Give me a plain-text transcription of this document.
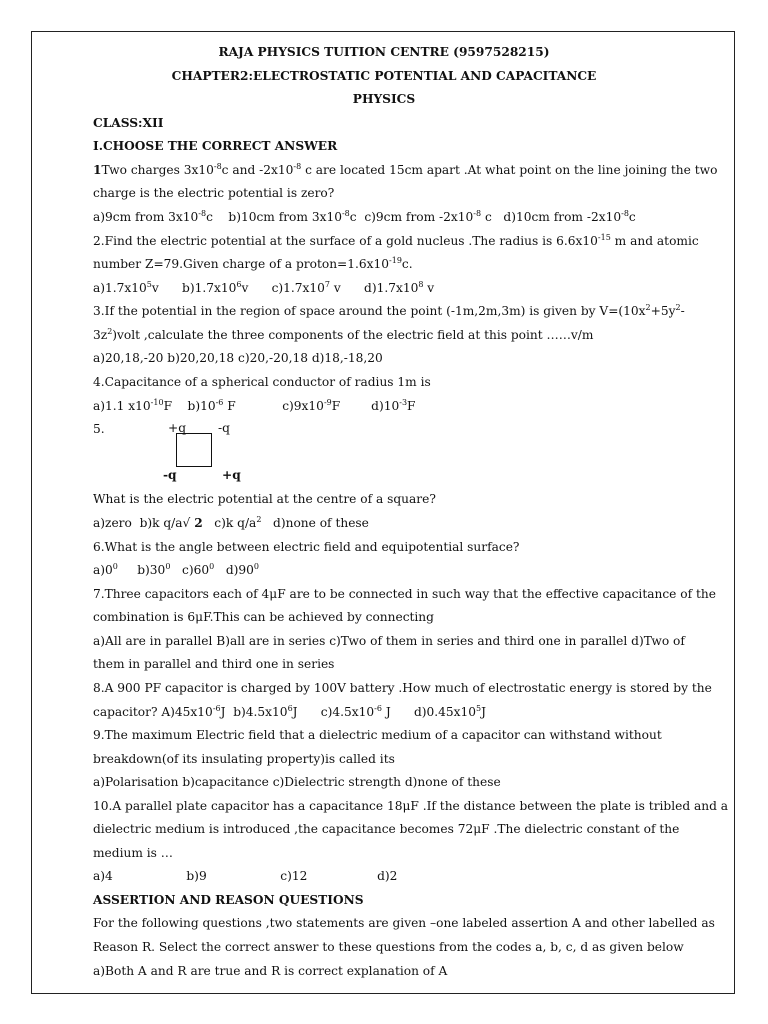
RAJA PHYSICS TUITION CENTRE (9597528215)
CHAPTER2:ELECTROSTATIC POTENTIAL AND CAPACITANCE
PHYSICS
CLASS:XII
I.CHOOSE THE CORRECT ANSWER
1Two charges $3x10^{-8}c$ and $-2x10^{-8}$ c are located 15cm apart .At what point on the line joining the two
charge is the electric potential is zero?
a)9cm from $3x10^{-8}c$    b)10cm from $3x10^{-8}c$  c)9cm from $-2x10^{-8}$ c   d)10cm from $-2x10^{-8}c$
2.Find the electric potential at the surface of a gold nucleus .The radius is $6.6x10^{-15}$ m and atomic
number Z=79.Given charge of a $proton=1.6x10^{-19}c$.
$a)1.7x10^5v$      $b)1.7x10^6v$      $c)1.7x10^7$ v      $d)1.7x10^8$ v
3.If the potential in the region of space around the point (-1m,2m,3m) is given by $V=(10x^2+5y^2-$
$3z^2)volt$ ,calculate the three components of the electric field at this point ……v/m
a)20,18,-20 b)20,20,18 c)20,-20,18 d)18,-18,20
4.Capacitance of a spherical conductor of radius 1m is
a)1.1 $x10^{-10}F$    $b)10^{-6}$ F            $c)9x10^{-9}F$        $d)10^{-3}F$
5.	+q	-q
-q	+q
What is the electric potential at the centre of a square?
a)zero  b)k q/a√ 2   c)k $q/a^2$   d)none of these
6.What is the angle between electric field and equipotential surface?
$a)0^0$     $b)30^0$   $c)60^0$   $d)90^0$
7.Three capacitors each of 4μF are to be connected in such way that the effective capacitance of the
combination is 6μF.This can be achieved by connecting
a)All are in parallel B)all are in series c)Two of them in series and third one in parallel d)Two of
them in parallel and third one in series
8.A 900 PF capacitor is charged by 100V battery .How much of electrostatic energy is stored by the
capacitor? $A)45x10^{-6}J$  $b)4.5x10^6J$      $c)4.5x10^{-6}$ J      $d)0.45x10^5J$
9.The maximum Electric field that a dielectric medium of a capacitor can withstand without
breakdown(of its insulating property)is called its
a)Polarisation b)capacitance c)Dielectric strength d)none of these
10.A parallel plate capacitor has a capacitance 18μF .If the distance between the plate is tribled and a
dielectric medium is introduced ,the capacitance becomes 72μF .The dielectric constant of the
medium is …
a)4                   b)9                   c)12                  d)2
ASSERTION AND REASON QUESTIONS
For the following questions ,two statements are given –one labeled assertion A and other labelled as
Reason R. Select the correct answer to these questions from the codes a, b, c, d as given below
a)Both A and R are true and R is correct explanation of A
